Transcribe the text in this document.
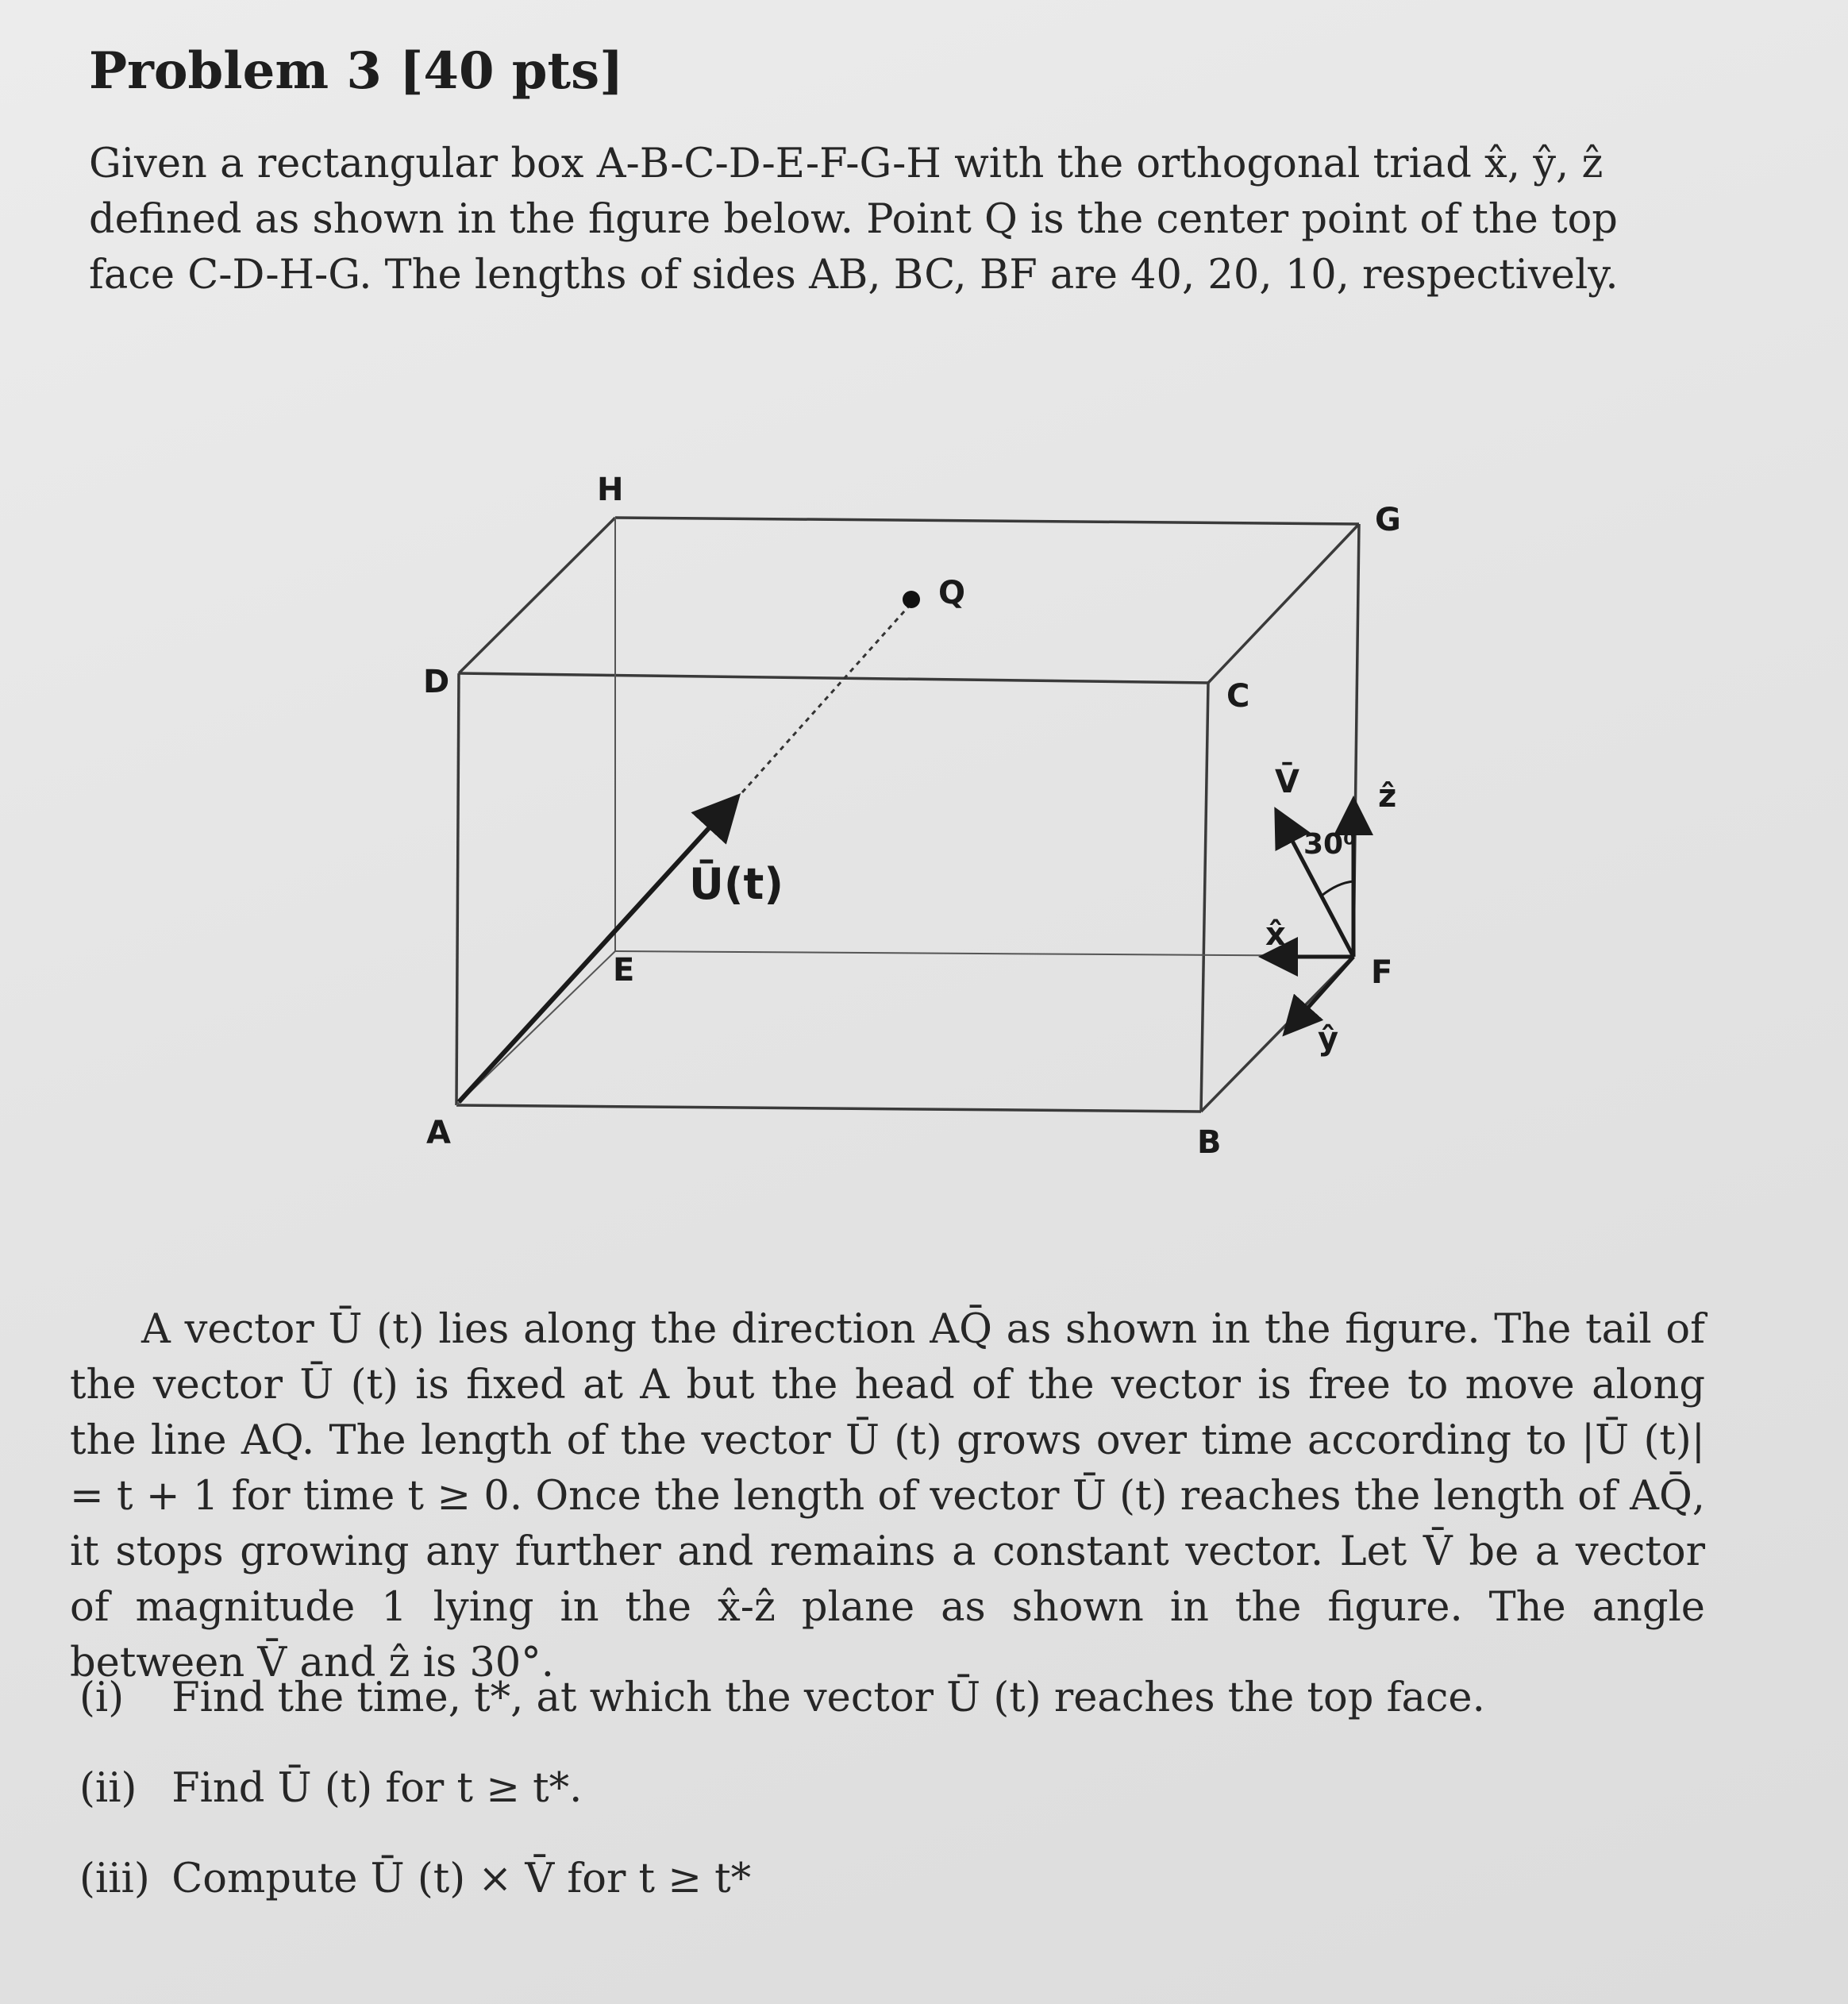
Problem 3 [40 pts]

Given a rectangular box A-B-C-D-E-F-G-H with the orthogonal triad x̂, ŷ, ẑ defined as shown in the figure below. Point Q is the center point of the top face C-D-H-G. The lengths of sides AB, BC, BF are 40, 20, 10, respectively.

A	B
C
D
E	F
G
H
Q
Ū(t)
V̄ ẑ
x̂
ŷ
30⁰

A vector Ū (t) lies along the direction AQ̄ as shown in the figure. The tail of the vector Ū (t) is fixed at A but the head of the vector is free to move along the line AQ. The length of the vector Ū (t) grows over time according to |Ū (t)| = t + 1 for time t ≥ 0. Once the length of vector Ū (t) reaches the length of AQ̄, it stops growing any further and remains a constant vector. Let V̄ be a vector of magnitude 1 lying in the x̂-ẑ plane as shown in the figure. The angle between V̄ and ẑ is 30°.

(i) Find the time, t*, at which the vector Ū (t) reaches the top face.
(ii) Find Ū (t) for t ≥ t*.
(iii) Compute Ū (t) × V̄ for t ≥ t*
